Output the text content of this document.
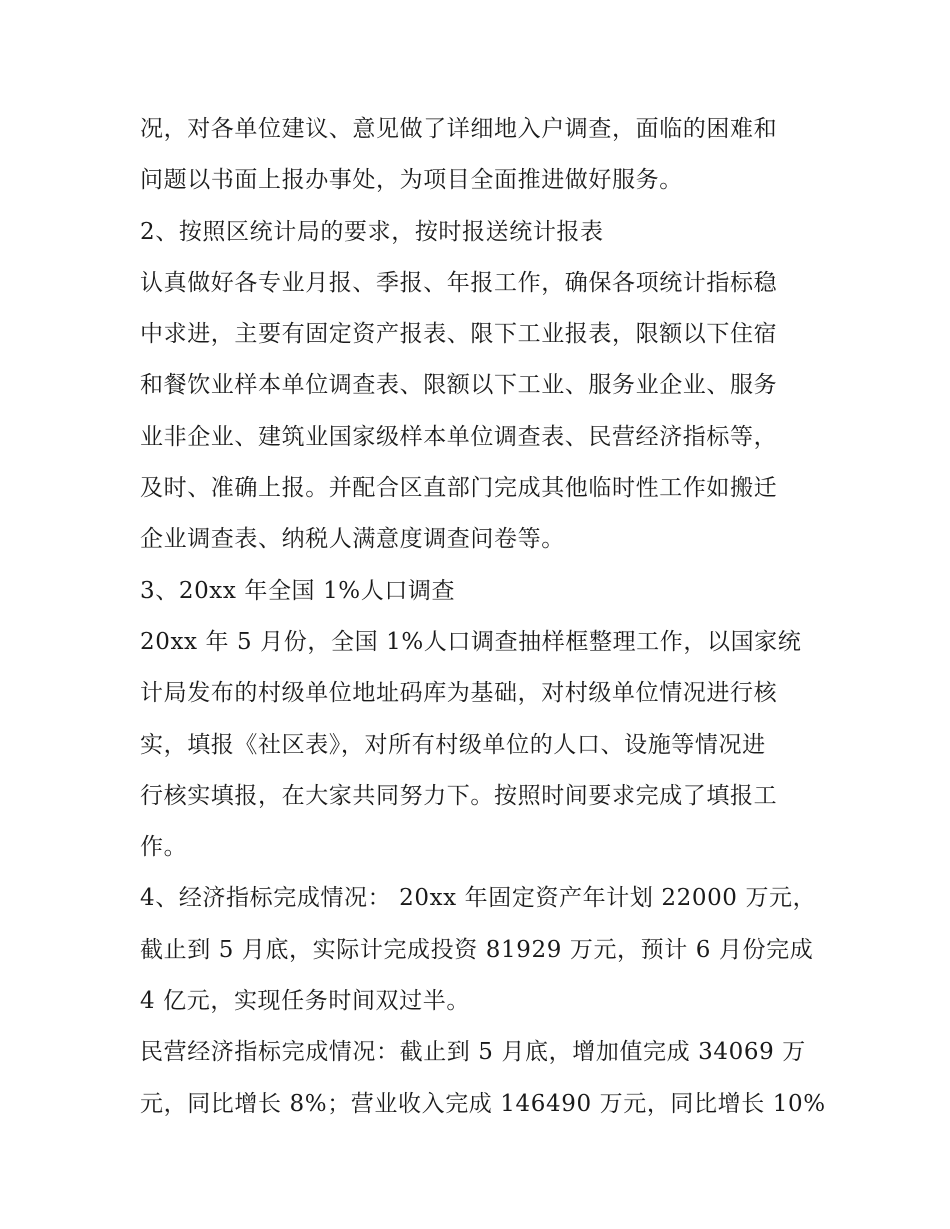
况，对各单位建议、意见做了详细地入户调查，面临的困难和
问题以书面上报办事处，为项目全面推进做好服务。
2、按照区统计局的要求，按时报送统计报表
认真做好各专业月报、季报、年报工作，确保各项统计指标稳
中求进，主要有固定资产报表、限下工业报表，限额以下住宿
和餐饮业样本单位调查表、限额以下工业、服务业企业、服务
业非企业、建筑业国家级样本单位调查表、民营经济指标等，
及时、准确上报。并配合区直部门完成其他临时性工作如搬迁
企业调查表、纳税人满意度调查问卷等。
3、20xx 年全国 1%人口调查
20xx 年 5 月份，全国 1%人口调查抽样框整理工作，以国家统
计局发布的村级单位地址码库为基础，对村级单位情况进行核
实，填报《社区表》，对所有村级单位的人口、设施等情况进
行核实填报，在大家共同努力下。按照时间要求完成了填报工
作。
4、经济指标完成情况： 20xx 年固定资产年计划 22000 万元，
截止到 5 月底，实际计完成投资 81929 万元，预计 6 月份完成
4 亿元，实现任务时间双过半。
民营经济指标完成情况：截止到 5 月底，增加值完成 34069 万
元，同比增长 8%；营业收入完成 146490 万元，同比增长 10%
